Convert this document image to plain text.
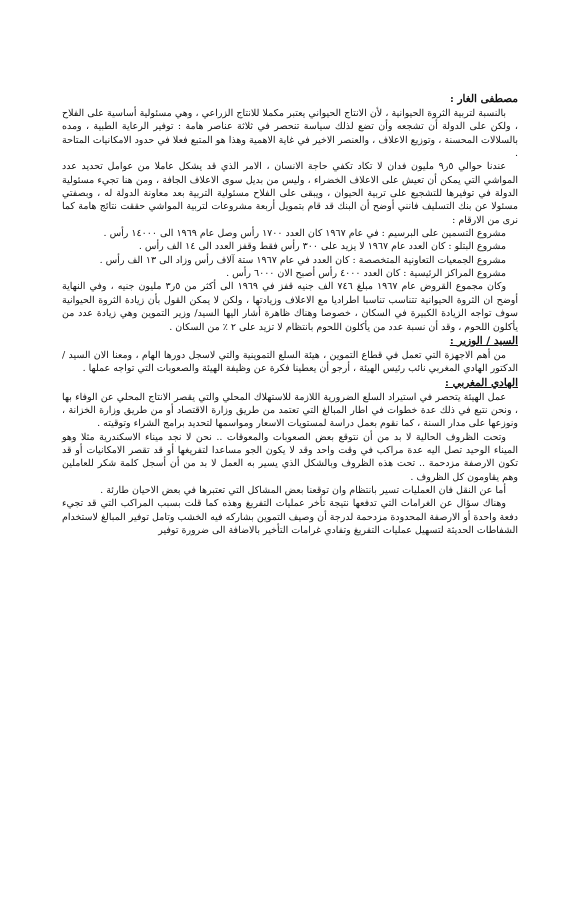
مصطفى الغار :

بالنسبة لتربية الثروة الحيوانية ، لأن الانتاج الحيواني يعتبر مكملا للانتاج الزراعي ، وهي مسئولية أساسية على الفلاح ، ولكن على الدولة أن تشجعه وأن تضع لذلك سياسة تنحصر في ثلاثة عناصر هامة : توفير الرعاية الطبية ، ومده بالسلالات المحسنة ، وتوزيع الاعلاف ، والعنصر الاخير في غاية الاهمية وهذا هو المتبع فعلا في حدود الامكانيات المتاحة .

عندنا حوالي ٥ر٩ مليون فدان لا تكاد تكفي حاجة الانسان ، الامر الذي قد يشكل عاملا من عوامل تحديد عدد المواشي التي يمكن أن تعيش على الاعلاف الخضراء ، وليس من بديل سوى الاعلاف الجافة ، ومن هنا تجيء مسئولية الدولة في توفيرها للتشجيع على تربية الحيوان ، ويبقى على الفلاح مسئولية التربية بعد معاونة الدولة له ، وبصفتي مسئولا عن بنك التسليف فانني أوضح أن البنك قد قام بتمويل أربعة مشروعات لتربية المواشي حققت نتائج هامة كما نرى من الارقام :

مشروع التسمين على البرسيم : في عام ١٩٦٧ كان العدد ١٧٠٠ رأس وصل عام ١٩٦٩ الى ١٤٠٠٠ رأس .

مشروع البتلو : كان العدد عام ١٩٦٧ لا يزيد على ٣٠٠ رأس فقط وقفز العدد الى ١٤ الف رأس .

مشروع الجمعيات التعاونية المتخصصة : كان العدد في عام ١٩٦٧ ستة آلاف رأس وزاد الى ١٣ الف رأس .

مشروع المراكز الرئيسية : كان العدد ٤٠٠٠ رأس أصبح الان ٦٠٠٠ رأس .

وكان مجموع القروض عام ١٩٦٧ مبلغ ٧٤٦ الف جنيه قفز في ١٩٦٩ الى أكثر من ٥ر٣ مليون جنيه ، وفي النهاية أوضح ان الثروة الحيوانية تتناسب تناسبا اطراديا مع الاعلاف وزيادتها ، ولكن لا يمكن القول بأن زيادة الثروة الحيوانية سوف تواجه الزيادة الكبيرة في السكان ، خصوصا وهناك ظاهرة أشار اليها السيد/ وزير التموين وهي زيادة عدد من يأكلون اللحوم ، وقد أن نسبة عدد من يأكلون اللحوم بانتظام لا تزيد على ٢ ٪ من السكان .

السيد / الوزير :

من أهم الاجهزة التي تعمل في قطاع التموين ، هيئة السلع التموينية والتي لاسجل دورها الهام ، ومعنا الان السيد / الدكتور الهادي المغربي نائب رئيس الهيئة ، أرجو أن يعطينا فكرة عن وظيفة الهيئة والصعوبات التي تواجه عملها .

الهادي المغربي :

عمل الهيئة يتحصر في استيراد السلع الضرورية اللازمة للاستهلاك المحلي والتي يقصر الانتاج المحلي عن الوفاء بها ، ونحن نتبع في ذلك عدة خطوات في اطار المبالغ التي تعتمد من طريق وزارة الاقتصاد أو من طريق وزارة الخزانة ، ونوزعها على مدار السنة ، كما نقوم بعمل دراسة لمستويات الاسعار ومواسمها لتحديد برامج الشراء وتوقيته .

وتحت الظروف الحالية لا بد من أن نتوقع بعض الصعوبات والمعوقات .. نحن لا نجد ميناء الاسكندرية مثلا وهو الميناء الوحيد تصل اليه عدة مراكب في وقت واحد وقد لا يكون الجو مساعدا لتفريغها أو قد تقصر الامكانيات أو قد تكون الارصفة مزدحمة .. تحت هذه الظروف وبالشكل الذي يسير به العمل لا بد من أن أسجل كلمة شكر للعاملين وهم يقاومون كل الظروف .

أما عن النقل فان العمليات تسير بانتظام وان توقعنا بعض المشاكل التي تعتبرها في بعض الاحيان طارئة .

وهناك سؤال عن الغرامات التي تدفعها نتيجة تأخر عمليات التفريغ وهذه كما قلت بسبب المراكب التي قد تجيء دفعة واحدة أو الارصفة المحدودة مزدحمة لدرجة أن وصيف التموين بشاركه فيه الخشب وتامل توفير المبالغ لاستخدام الشفاطات الحديثة لتسهيل عمليات التفريغ وتفادي غرامات التأخير بالاضافة الى ضرورة توفير
